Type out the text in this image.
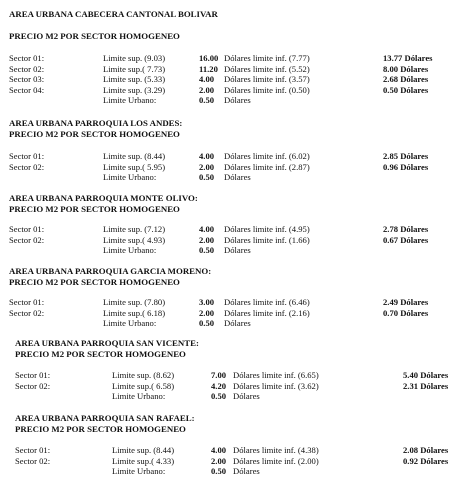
AREA URBANA CABECERA CANTONAL BOLIVAR
PRECIO M2 POR SECTOR HOMOGENEO
Sector 01:	Limite sup. (9.03)	16.00 Dólares limite inf. (7.77)	13.77 Dólares
Sector 02:	Limite sup.( 7.73)	11.20 Dólares limite inf. (5.52)	8.00 Dólares
Sector 03:	Limite sup. (5.33)	4.00 Dólares limite inf. (3.57)	2.68 Dólares
Sector 04:	Limite sup. (3.29)	2.00 Dólares limite inf. (0.50)	0.50 Dólares
Limite Urbano:	0.50 Dólares
AREA URBANA PARROQUIA LOS ANDES:
PRECIO M2 POR SECTOR HOMOGENEO
Sector 01:	Limite sup. (8.44)	4.00 Dólares limite inf. (6.02)	2.85 Dólares
Sector 02:	Limite sup.( 5.95)	2.00 Dólares limite inf. (2.87)	0.96 Dólares
Limite Urbano:	0.50 Dólares
AREA URBANA PARROQUIA MONTE OLIVO:
PRECIO M2 POR SECTOR HOMOGENEO
Sector 01:	Limite sup. (7.12)	4.00 Dólares limite inf. (4.95)	2.78 Dólares
Sector 02:	Limite sup.( 4.93)	2.00 Dólares limite inf. (1.66)	0.67 Dólares
Limite Urbano:	0.50 Dólares
AREA URBANA PARROQUIA GARCIA MORENO:
PRECIO M2 POR SECTOR HOMOGENEO
Sector 01:	Limite sup. (7.80)	3.00 Dólares limite inf. (6.46)	2.49 Dólares
Sector 02:	Limite sup.( 6.18)	2.00 Dólares limite inf. (2.16)	0.70 Dólares
Limite Urbano:	0.50 Dólares
AREA URBANA PARROQUIA SAN VICENTE:
PRECIO M2 POR SECTOR HOMOGENEO
Sector 01:	Limite sup. (8.62)	7.00 Dólares limite inf. (6.65)	5.40 Dólares
Sector 02:	Limite sup.( 6.58)	4.20 Dólares limite inf. (3.62)	2.31 Dólares
Limite Urbano:	0.50 Dólares
AREA URBANA PARROQUIA SAN RAFAEL:
PRECIO M2 POR SECTOR HOMOGENEO
Sector 01:	Limite sup. (8.44)	4.00 Dólares limite inf. (4.38)	2.08 Dólares
Sector 02:	Limite sup.( 4.33)	2.00 Dólares limite inf. (2.00)	0.92 Dólares
Limite Urbano:	0.50 Dólares
